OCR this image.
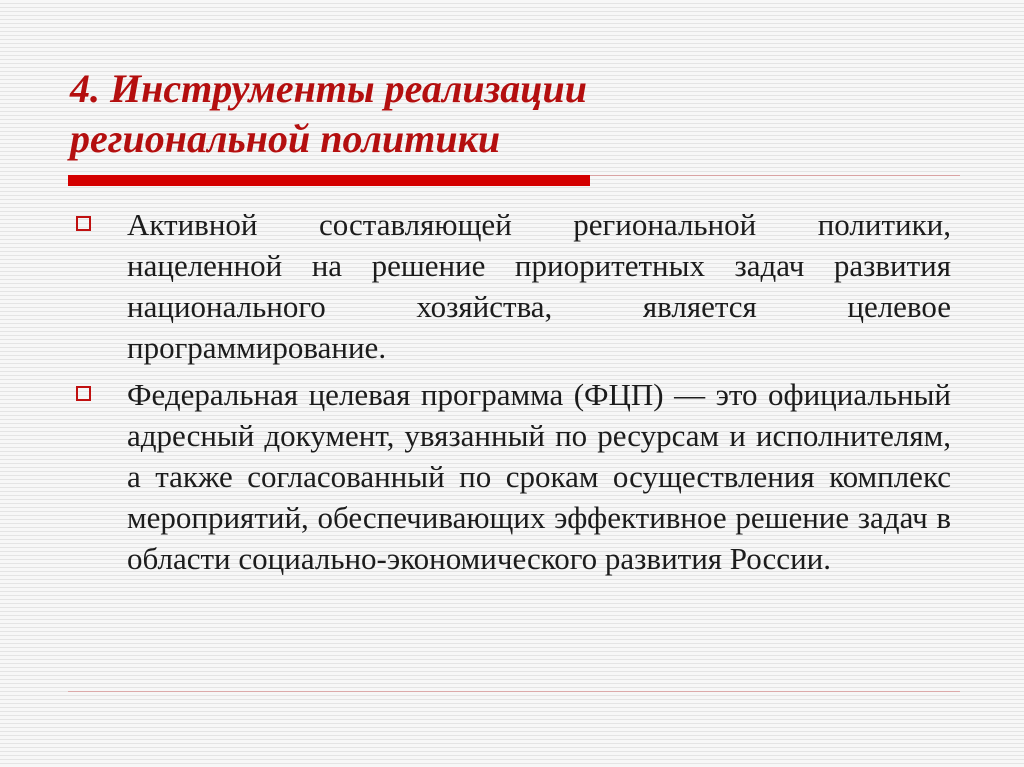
4. Инструменты реализации
региональной политики
Активной составляющей региональной политики, нацеленной на решение приоритетных задач развития национального хозяйства, является целевое программирование.
Федеральная целевая программа (ФЦП) — это официальный адресный документ, увязанный по ресурсам и исполнителям, а также согласованный по срокам осуществления комплекс мероприятий, обеспечивающих эффективное решение задач в области социально-экономического развития России.
